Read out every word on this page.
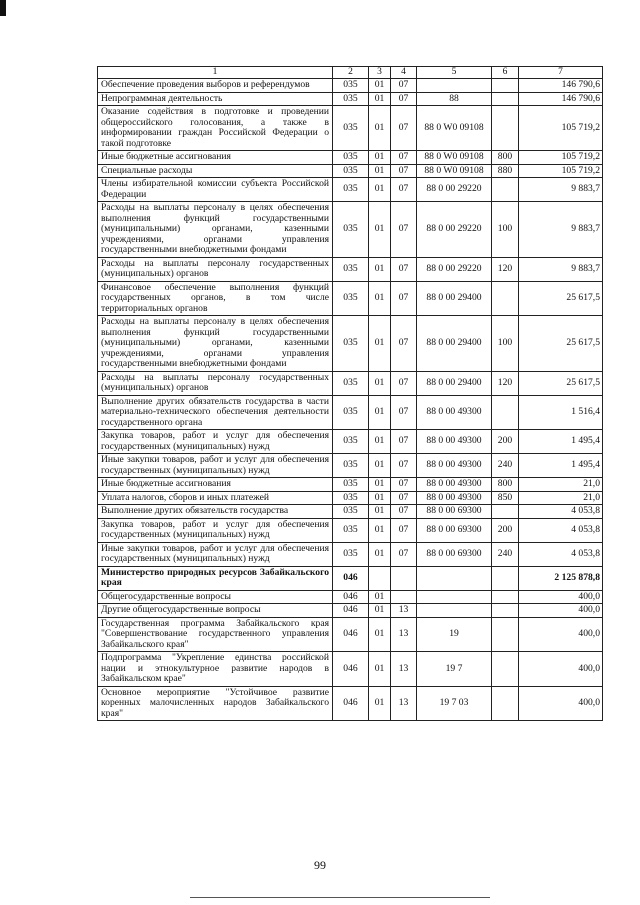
1	2	3	4	5	6	7
Обеспечение проведения выборов и референдумов	035	01	07			146 790,6
Непрограммная деятельность	035	01	07	88		146 790,6
Оказание содействия в подготовке и проведении общероссийского голосования, а также в информировании граждан Российской Федерации о такой подготовке	035	01	07	88 0 W0 09108		105 719,2
Иные бюджетные ассигнования	035	01	07	88 0 W0 09108	800	105 719,2
Специальные расходы	035	01	07	88 0 W0 09108	880	105 719,2
Члены избирательной комиссии субъекта Российской Федерации	035	01	07	88 0 00 29220		9 883,7
Расходы на выплаты персоналу в целях обеспечения выполнения функций государственными (муниципальными) органами, казенными учреждениями, органами управления государственными внебюджетными фондами	035	01	07	88 0 00 29220	100	9 883,7
Расходы на выплаты персоналу государственных (муниципальных) органов	035	01	07	88 0 00 29220	120	9 883,7
Финансовое обеспечение выполнения функций государственных органов, в том числе территориальных органов	035	01	07	88 0 00 29400		25 617,5
Расходы на выплаты персоналу в целях обеспечения выполнения функций государственными (муниципальными) органами, казенными учреждениями, органами управления государственными внебюджетными фондами	035	01	07	88 0 00 29400	100	25 617,5
Расходы на выплаты персоналу государственных (муниципальных) органов	035	01	07	88 0 00 29400	120	25 617,5
Выполнение других обязательств государства в части материально-технического обеспечения деятельности государственного органа	035	01	07	88 0 00 49300		1 516,4
Закупка товаров, работ и услуг для обеспечения государственных (муниципальных) нужд	035	01	07	88 0 00 49300	200	1 495,4
Иные закупки товаров, работ и услуг для обеспечения государственных (муниципальных) нужд	035	01	07	88 0 00 49300	240	1 495,4
Иные бюджетные ассигнования	035	01	07	88 0 00 49300	800	21,0
Уплата налогов, сборов и иных платежей	035	01	07	88 0 00 49300	850	21,0
Выполнение других обязательств государства	035	01	07	88 0 00 69300		4 053,8
Закупка товаров, работ и услуг для обеспечения государственных (муниципальных) нужд	035	01	07	88 0 00 69300	200	4 053,8
Иные закупки товаров, работ и услуг для обеспечения государственных (муниципальных) нужд	035	01	07	88 0 00 69300	240	4 053,8
Министерство природных ресурсов Забайкальского края	046					2 125 878,8
Общегосударственные вопросы	046	01				400,0
Другие общегосударственные вопросы	046	01	13			400,0
Государственная программа Забайкальского края "Совершенствование государственного управления Забайкальского края"	046	01	13	19		400,0
Подпрограмма "Укрепление единства российской нации и этнокультурное развитие народов в Забайкальском крае"	046	01	13	19 7		400,0
Основное мероприятие "Устойчивое развитие коренных малочисленных народов Забайкальского края"	046	01	13	19 7 03		400,0
99
